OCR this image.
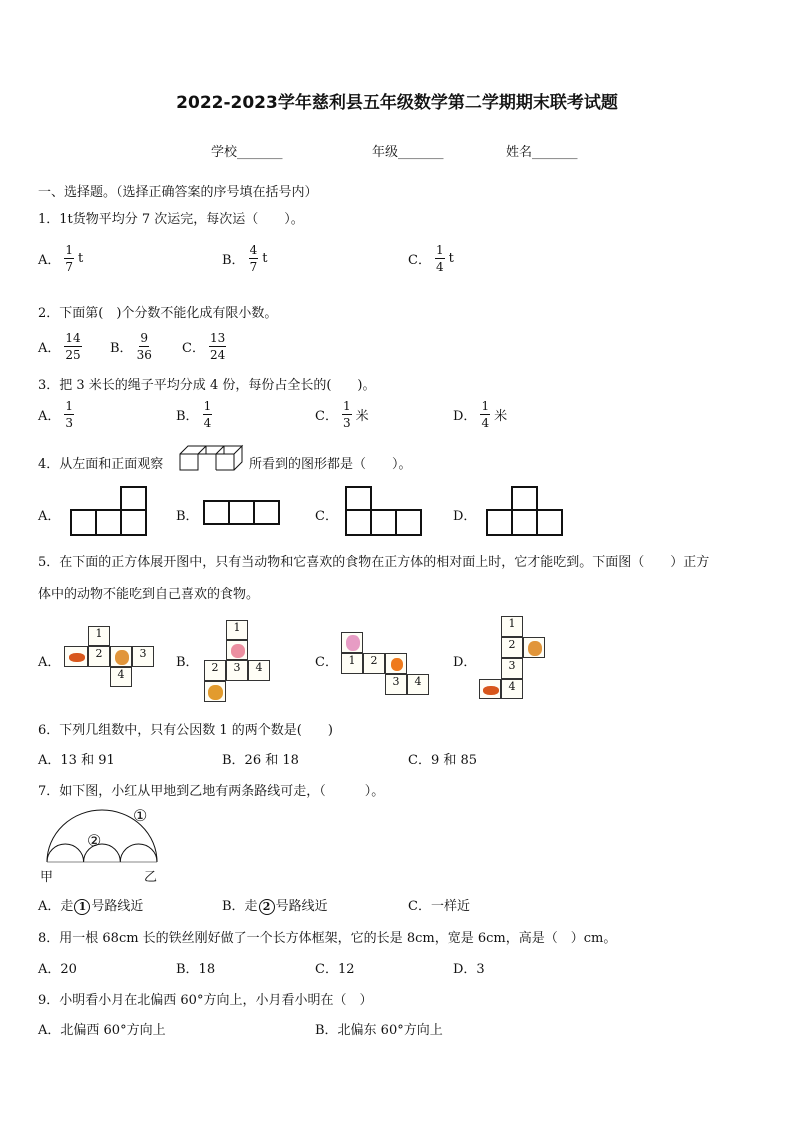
2022-2023学年慈利县五年级数学第二学期期末联考试题
学校_______	年级_______	姓名_______
一、选择题。（选择正确答案的序号填在括号内）
1．1t货物平均分 7 次运完，每次运（　　）。
A． $\frac{1}{7}$ t	B． $\frac{4}{7}$ t	C． $\frac{1}{4}$ t
2．下面第(　)个分数不能化成有限小数。
A． $\frac{14}{25}$ B． $\frac{9}{36}$ C． $\frac{13}{24}$
3．把 3 米长的绳子平均分成 4 份，每份占全长的(　　)。
A． $\frac{1}{3}$	B． $\frac{1}{4}$	C． $\frac{1}{3}$ 米	D． $\frac{1}{4}$ 米
4．从左面和正面观察	所看到的图形都是（　　）。
A．	B．	C．	D．
5．在下面的正方体展开图中，只有当动物和它喜欢的食物在正方体的相对面上时，它才能吃到。下面图（　　）正方
体中的动物不能吃到自己喜欢的食物。
A．
1
2	3
4
B．
1
2	3	4	C． 1	2
3	4
D．
1
2
3
4
6．下列几组数中，只有公因数 1 的两个数是(　　)
A．13 和 91	B．26 和 18	C．9 和 85
7．如下图，小红从甲地到乙地有两条路线可走，（　　　）。
①
②
甲	乙
A．走 1 号路线近	B．走 2 号路线近	C．一样近
8．用一根 68cm 长的铁丝刚好做了一个长方体框架，它的长是 8cm，宽是 6cm，高是（　）cm。
A．20	B．18	C．12	D．3
9．小明看小月在北偏西 60°方向上，小月看小明在（　）
A．北偏西 60°方向上	B．北偏东 60°方向上
